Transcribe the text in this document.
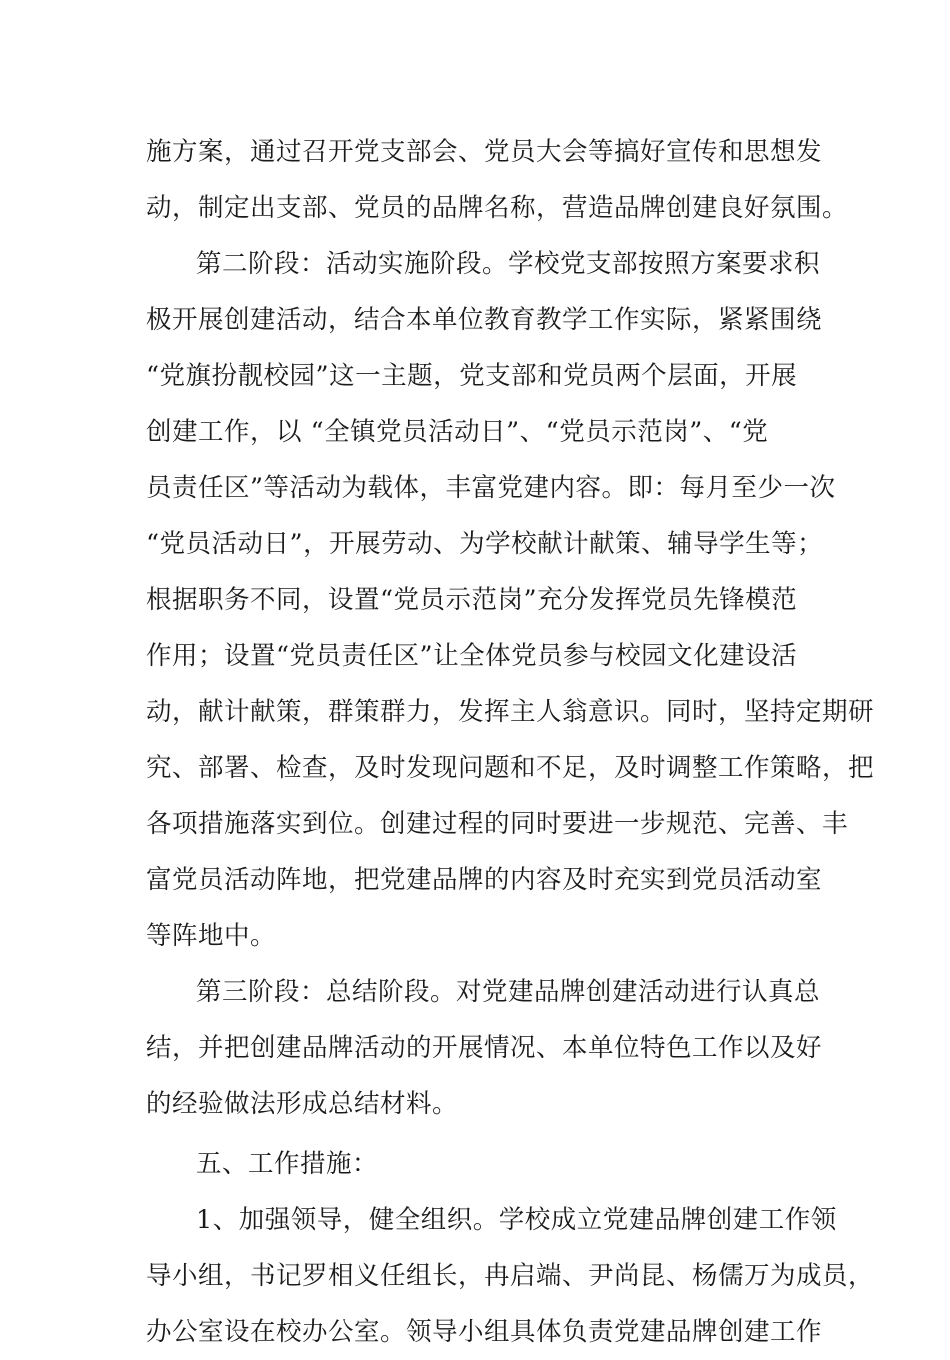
施方案，通过召开党支部会、党员大会等搞好宣传和思想发
动，制定出支部、党员的品牌名称，营造品牌创建良好氛围。
第二阶段：活动实施阶段。学校党支部按照方案要求积
极开展创建活动，结合本单位教育教学工作实际，紧紧围绕
“党旗扮靓校园”这一主题，党支部和党员两个层面，开展
创建工作，以 “全镇党员活动日”、“党员示范岗”、“党
员责任区”等活动为载体，丰富党建内容。即：每月至少一次
“党员活动日”，开展劳动、为学校献计献策、辅导学生等；
根据职务不同，设置“党员示范岗”充分发挥党员先锋模范
作用；设置“党员责任区”让全体党员参与校园文化建设活
动，献计献策，群策群力，发挥主人翁意识。同时，坚持定期研
究、部署、检查，及时发现问题和不足，及时调整工作策略，把
各项措施落实到位。创建过程的同时要进一步规范、完善、丰
富党员活动阵地，把党建品牌的内容及时充实到党员活动室
等阵地中。
第三阶段：总结阶段。对党建品牌创建活动进行认真总
结，并把创建品牌活动的开展情况、本单位特色工作以及好
的经验做法形成总结材料。
五、工作措施：
1、加强领导，健全组织。学校成立党建品牌创建工作领
导小组，书记罗相义任组长，冉启端、尹尚昆、杨儒万为成员，
办公室设在校办公室。领导小组具体负责党建品牌创建工作
